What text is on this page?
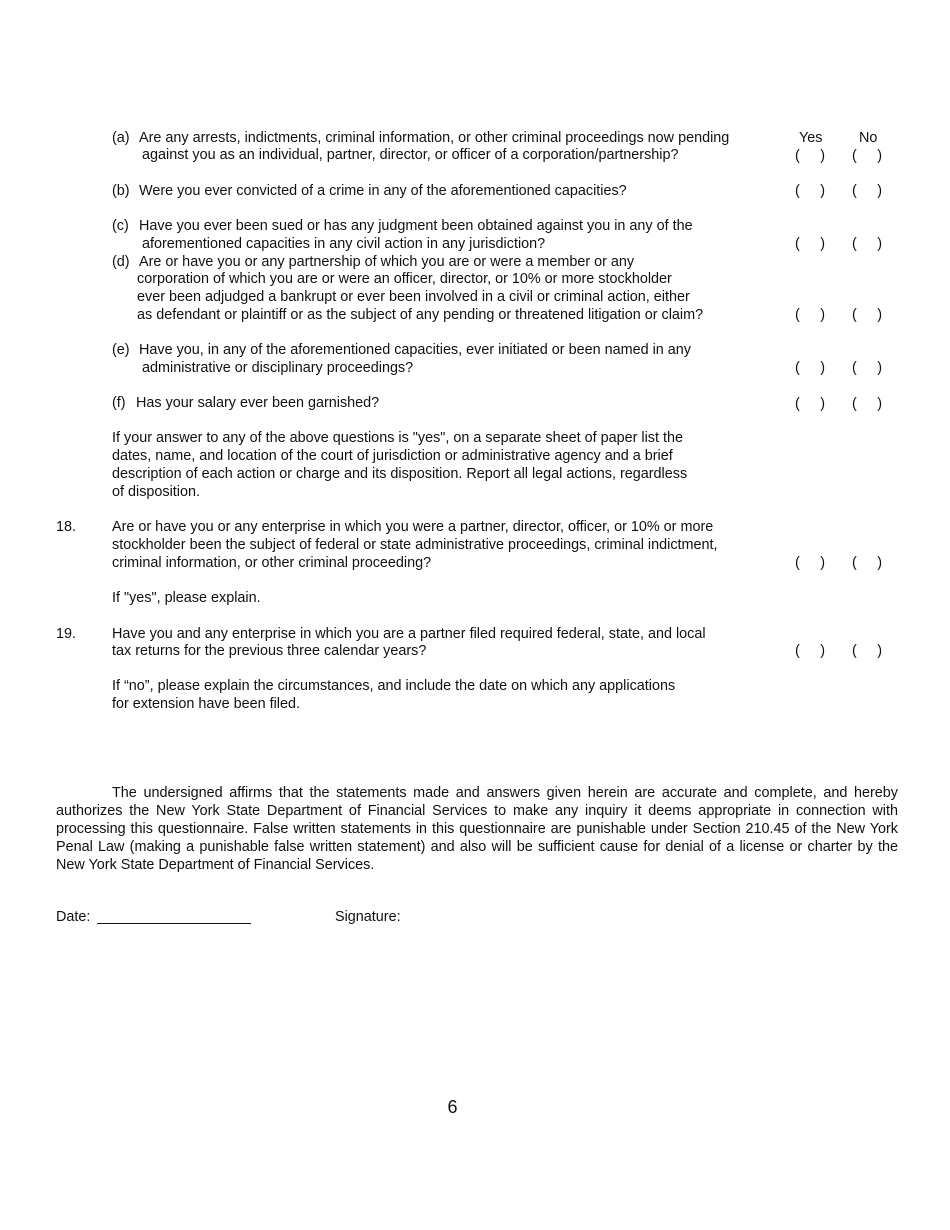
Yes	No
(a) Are any arrests, indictments, criminal information, or other criminal proceedings now pending
against you as an individual, partner, director, or officer of a corporation/partnership?	( ) ( )
(b) Were you ever convicted of a crime in any of the aforementioned capacities?	( ) ( )
(c) Have you ever been sued or has any judgment been obtained against you in any of the
aforementioned capacities in any civil action in any jurisdiction?	( ) ( )
(d) Are or have you or any partnership of which you are or were a member or any
corporation of which you are or were an officer, director, or 10% or more stockholder
ever been adjudged a bankrupt or ever been involved in a civil or criminal action, either
as defendant or plaintiff or as the subject of any pending or threatened litigation or claim?	( ) ( )
(e) Have you, in any of the aforementioned capacities, ever initiated or been named in any
administrative or disciplinary proceedings?	( ) ( )
(f) Has your salary ever been garnished?	( ) ( )
If your answer to any of the above questions is "yes", on a separate sheet of paper list the
dates, name, and location of the court of jurisdiction or administrative agency and a brief
description of each action or charge and its disposition. Report all legal actions, regardless
of disposition.
18. Are or have you or any enterprise in which you were a partner, director, officer, or 10% or more
stockholder been the subject of federal or state administrative proceedings, criminal indictment,
criminal information, or other criminal proceeding?	( ) ( )
If "yes", please explain.
19. Have you and any enterprise in which you are a partner filed required federal, state, and local
tax returns for the previous three calendar years?	( ) ( )
If “no”, please explain the circumstances, and include the date on which any applications
for extension have been filed.
The undersigned affirms that the statements made and answers given herein are accurate and complete, and hereby authorizes the New York State Department of Financial Services to make any inquiry it deems appropriate in connection with processing this questionnaire. False written statements in this questionnaire are punishable under Section 210.45 of the New York Penal Law (making a punishable false written statement) and also will be sufficient cause for denial of a license or charter by the New York State Department of Financial Services.
Date:	Signature:
6
